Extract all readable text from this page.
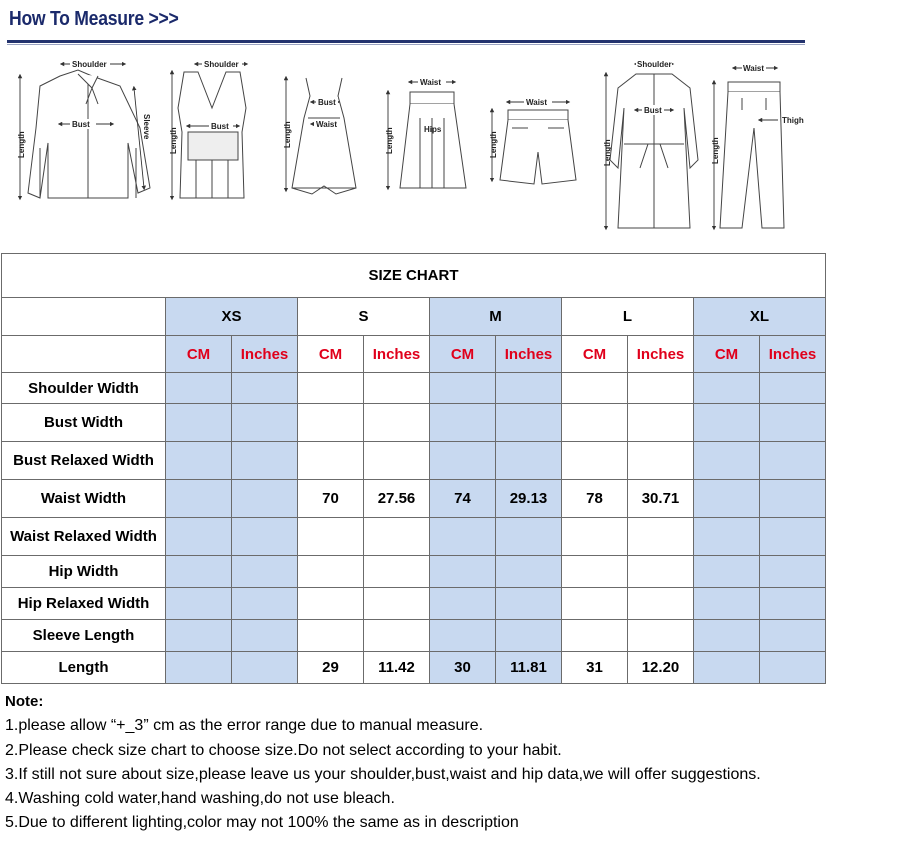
How To Measure >>>
Shoulder
Bust
Length
Sleeve
Shoulder
Bust
Length
Bust
Waist
Length
Waist
Hips
Length
Waist
Length
Shoulder
Bust
Length
Waist
Thigh
Length
SIZE CHART										
	XS		S		M		L		XL	
	CM	Inches	CM	Inches	CM	Inches	CM	Inches	CM	Inches
Shoulder Width										
Bust Width										
Bust Relaxed Width										
Waist Width			70	27.56	74	29.13	78	30.71		
Waist Relaxed Width										
Hip Width										
Hip Relaxed Width										
Sleeve Length										
Length			29	11.42	30	11.81	31	12.20		
Note:
1.please allow “+_3” cm as the error range due to manual measure.
2.Please check size chart to choose size.Do not select according to your habit.
3.If still not sure about size,please leave us your shoulder,bust,waist and hip data,we will offer suggestions.
4.Washing cold water,hand washing,do not use bleach.
5.Due to different lighting,color may not 100% the same as in description
